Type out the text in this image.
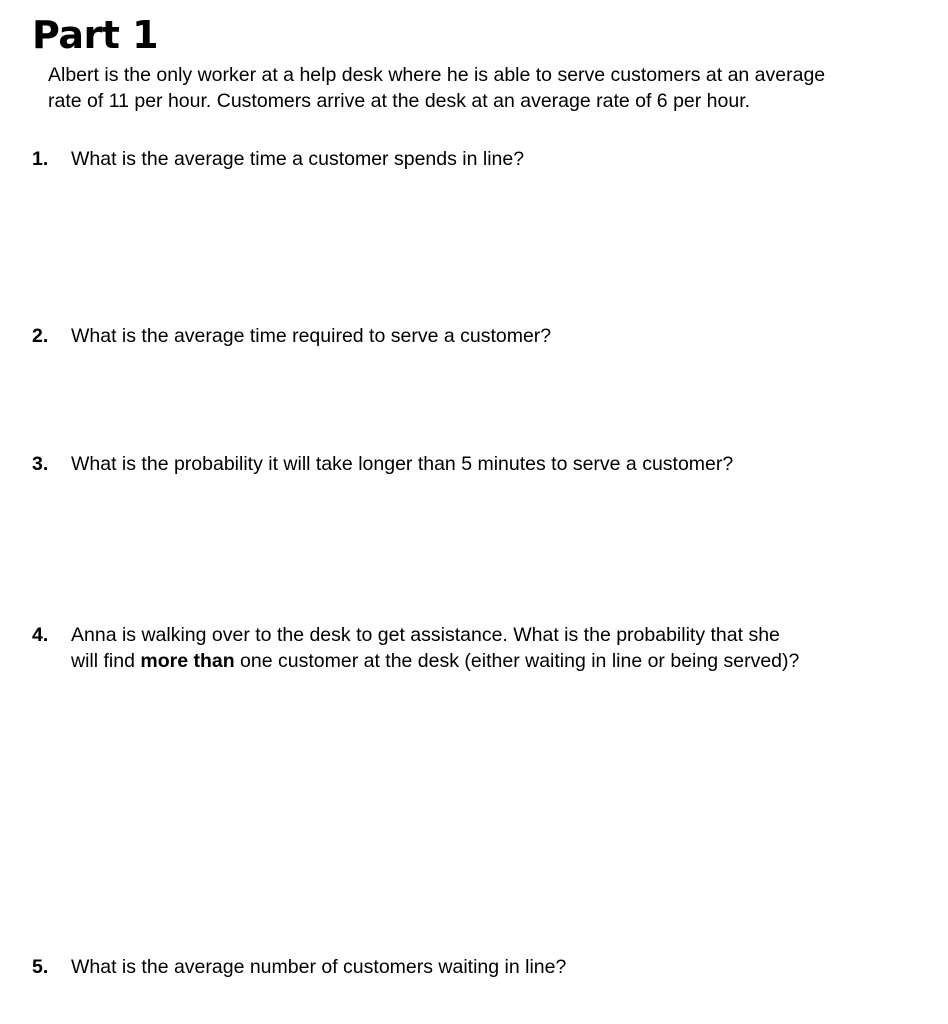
Part 1

Albert is the only worker at a help desk where he is able to serve customers at an average
rate of 11 per hour. Customers arrive at the desk at an average rate of 6 per hour.

1. What is the average time a customer spends in line?
2. What is the average time required to serve a customer?
3. What is the probability it will take longer than 5 minutes to serve a customer?
4. Anna is walking over to the desk to get assistance. What is the probability that she
will find more than one customer at the desk (either waiting in line or being served)?
5. What is the average number of customers waiting in line?
